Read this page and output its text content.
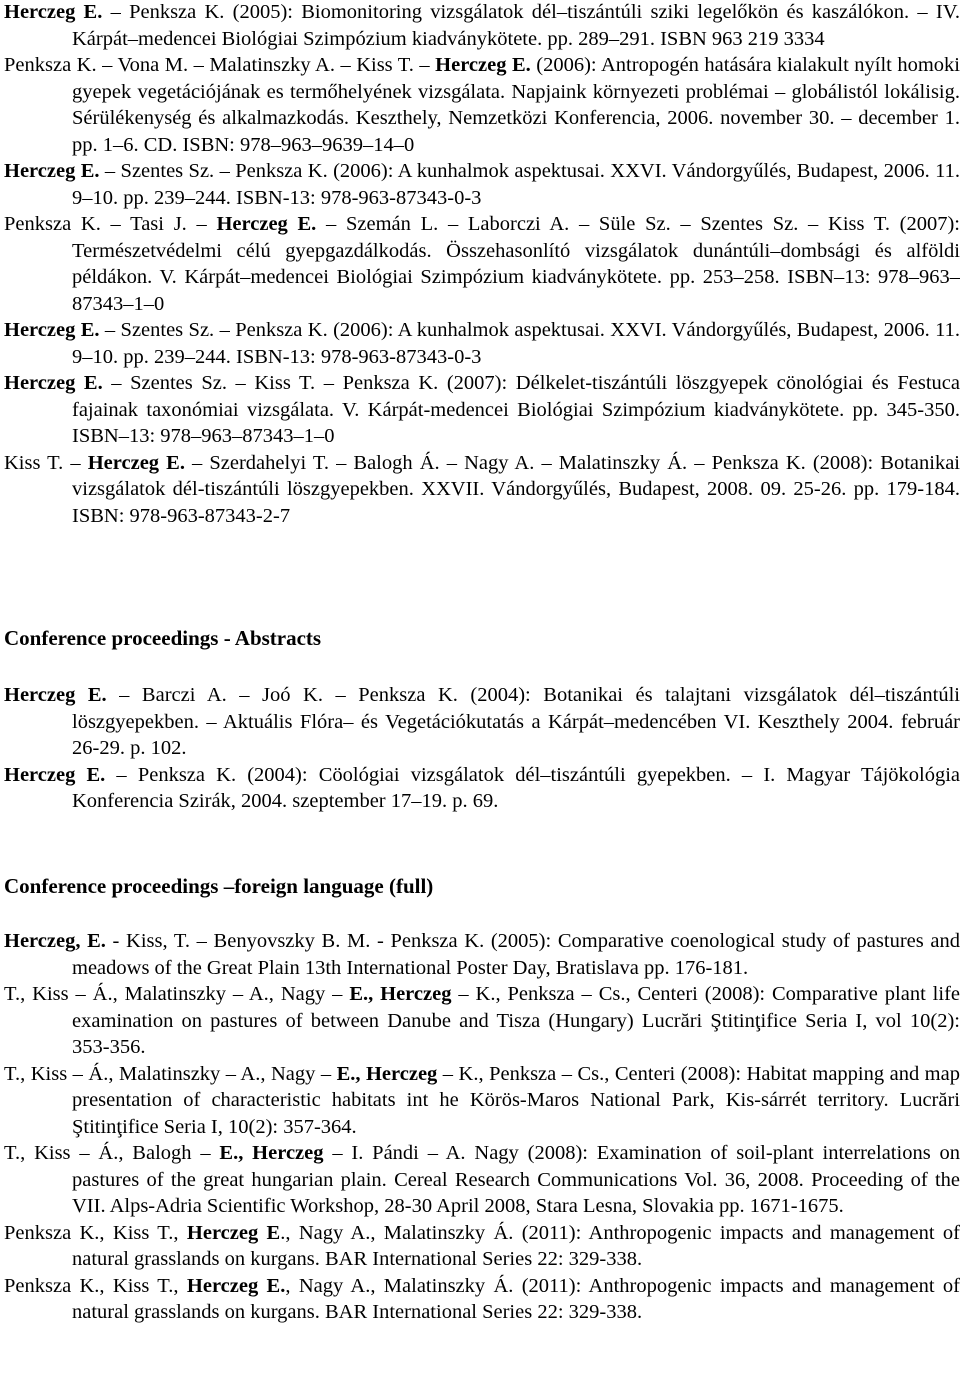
Herczeg E. – Penksza K. (2005): Biomonitoring vizsgálatok dél–tiszántúli sziki legelőkön és kaszálókon. – IV. Kárpát–medencei Biológiai Szimpózium kiadványkötete. pp. 289–291. ISBN 963 219 3334

Penksza K. – Vona M. – Malatinszky A. – Kiss T. – Herczeg E. (2006): Antropogén hatására kialakult nyílt homoki gyepek vegetációjának es termőhelyének vizsgálata. Napjaink környezeti problémai – globálistól lokálisig. Sérülékenység és alkalmazkodás. Keszthely, Nemzetközi Konferencia, 2006. november 30. – december 1. pp. 1–6. CD. ISBN: 978–963–9639–14–0

Herczeg E. – Szentes Sz. – Penksza K. (2006): A kunhalmok aspektusai. XXVI. Vándorgyűlés, Budapest, 2006. 11. 9–10. pp. 239–244. ISBN-13: 978-963-87343-0-3

Penksza K. – Tasi J. – Herczeg E. – Szemán L. – Laborczi A. – Süle Sz. – Szentes Sz. – Kiss T. (2007): Természetvédelmi célú gyepgazdálkodás. Összehasonlító vizsgálatok dunántúli–dombsági és alföldi példákon. V. Kárpát–medencei Biológiai Szimpózium kiadványkötete. pp. 253–258. ISBN–13: 978–963–87343–1–0

Herczeg E. – Szentes Sz. – Penksza K. (2006): A kunhalmok aspektusai. XXVI. Vándorgyűlés, Budapest, 2006. 11. 9–10. pp. 239–244. ISBN-13: 978-963-87343-0-3

Herczeg E. – Szentes Sz. – Kiss T. – Penksza K. (2007): Délkelet-tiszántúli löszgyepek cönológiai és Festuca fajainak taxonómiai vizsgálata. V. Kárpát-medencei Biológiai Szimpózium kiadványkötete. pp. 345-350. ISBN–13: 978–963–87343–1–0

Kiss T. – Herczeg E. – Szerdahelyi T. – Balogh Á. – Nagy A. – Malatinszky Á. – Penksza K. (2008): Botanikai vizsgálatok dél-tiszántúli löszgyepekben. XXVII. Vándorgyűlés, Budapest, 2008. 09. 25-26. pp. 179-184. ISBN: 978-963-87343-2-7

Conference proceedings - Abstracts

Herczeg E. – Barczi A. – Joó K. – Penksza K. (2004): Botanikai és talajtani vizsgálatok dél–tiszántúli löszgyepekben. – Aktuális Flóra– és Vegetációkutatás a Kárpát–medencében VI. Keszthely 2004. február 26-29. p. 102.

Herczeg E. – Penksza K. (2004): Cöológiai vizsgálatok dél–tiszántúli gyepekben. – I. Magyar Tájökológia Konferencia Szirák, 2004. szeptember 17–19. p. 69.

Conference proceedings –foreign language (full)

Herczeg, E. - Kiss, T. – Benyovszky B. M. - Penksza K. (2005): Comparative coenological study of pastures and meadows of the Great Plain 13th International Poster Day, Bratislava pp. 176-181.

T., Kiss – Á., Malatinszky – A., Nagy – E., Herczeg – K., Penksza – Cs., Centeri (2008): Comparative plant life examination on pastures of between Danube and Tisza (Hungary) Lucrări Ştitinţifice Seria I, vol 10(2): 353-356.

T., Kiss – Á., Malatinszky – A., Nagy – E., Herczeg – K., Penksza – Cs., Centeri (2008): Habitat mapping and map presentation of characteristic habitats int he Körös-Maros National Park, Kis-sárrét territory. Lucrări Ştitinţifice Seria I, 10(2): 357-364.

T., Kiss – Á., Balogh – E., Herczeg – I. Pándi – A. Nagy (2008): Examination of soil-plant interrelations on pastures of the great hungarian plain. Cereal Research Communications Vol. 36, 2008. Proceeding of the VII. Alps-Adria Scientific Workshop, 28-30 April 2008, Stara Lesna, Slovakia pp. 1671-1675.

Penksza K., Kiss T., Herczeg E., Nagy A., Malatinszky Á. (2011): Anthropogenic impacts and management of natural grasslands on kurgans. BAR International Series 22: 329-338.

Penksza K., Kiss T., Herczeg E., Nagy A., Malatinszky Á. (2011): Anthropogenic impacts and management of natural grasslands on kurgans. BAR International Series 22: 329-338.
